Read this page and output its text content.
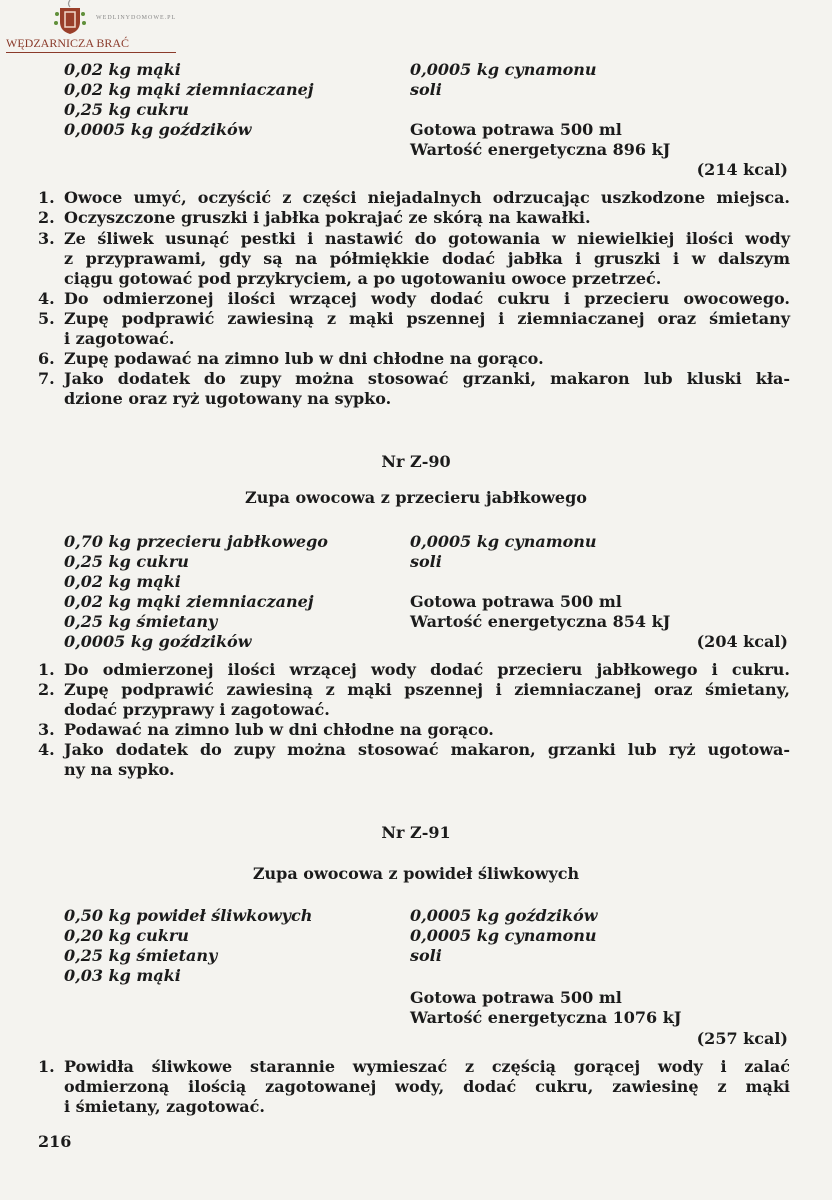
WEDLINYDOMOWE.PL
WĘDZARNICZA BRAĆ
0,02 kg mąki
0,02 kg mąki ziemniaczanej
0,25 kg cukru
0,0005 kg goździków
0,0005 kg cynamonu
soli
Gotowa potrawa 500 ml
Wartość energetyczna 896 kJ
(214 kcal)
1. Owoce umyć, oczyścić z części niejadalnych odrzucając uszkodzone miejsca.
2. Oczyszczone gruszki i jabłka pokrajać ze skórą na kawałki.
3. Ze śliwek usunąć pestki i nastawić do gotowania w niewielkiej ilości wody
z przyprawami, gdy są na półmiękkie dodać jabłka i gruszki i w dalszym
ciągu gotować pod przykryciem, a po ugotowaniu owoce przetrzeć.
4. Do odmierzonej ilości wrzącej wody dodać cukru i przecieru owocowego.
5. Zupę podprawić zawiesiną z mąki pszennej i ziemniaczanej oraz śmietany
i zagotować.
6. Zupę podawać na zimno lub w dni chłodne na gorąco.
7. Jako dodatek do zupy można stosować grzanki, makaron lub kluski kła-
dzione oraz ryż ugotowany na sypko.
Nr Z-90
Zupa owocowa z przecieru jabłkowego
0,70 kg przecieru jabłkowego
0,25 kg cukru
0,02 kg mąki
0,02 kg mąki ziemniaczanej
0,25 kg śmietany
0,0005 kg goździków
0,0005 kg cynamonu
soli
Gotowa potrawa 500 ml
Wartość energetyczna 854 kJ
(204 kcal)
1. Do odmierzonej ilości wrzącej wody dodać przecieru jabłkowego i cukru.
2. Zupę podprawić zawiesiną z mąki pszennej i ziemniaczanej oraz śmietany,
dodać przyprawy i zagotować.
3. Podawać na zimno lub w dni chłodne na gorąco.
4. Jako dodatek do zupy można stosować makaron, grzanki lub ryż ugotowa-
ny na sypko.
Nr Z-91
Zupa owocowa z powideł śliwkowych
0,50 kg powideł śliwkowych
0,20 kg cukru
0,25 kg śmietany
0,03 kg mąki
0,0005 kg goździków
0,0005 kg cynamonu
soli
Gotowa potrawa 500 ml
Wartość energetyczna 1076 kJ
(257 kcal)
1. Powidła śliwkowe starannie wymieszać z częścią gorącej wody i zalać
odmierzoną ilością zagotowanej wody, dodać cukru, zawiesinę z mąki
i śmietany, zagotować.
216
